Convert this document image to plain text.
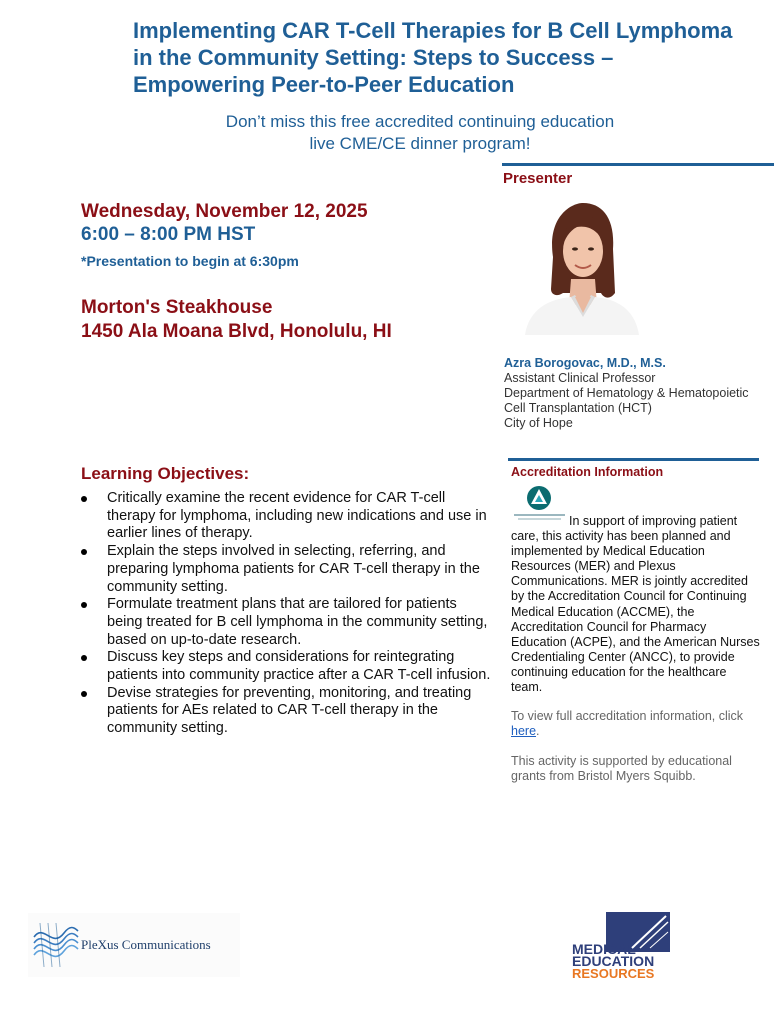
Implementing CAR T-Cell Therapies for B Cell Lymphoma in the Community Setting: Steps to Success – Empowering Peer-to-Peer Education
Don’t miss this free accredited continuing education
live CME/CE dinner program!
Presenter
Wednesday, November 12, 2025
6:00 – 8:00 PM HST
*Presentation to begin at 6:30pm
Morton's Steakhouse
1450 Ala Moana Blvd, Honolulu, HI
Azra Borogovac, M.D., M.S.
Assistant Clinical Professor
Department of Hematology & Hematopoietic
Cell Transplantation (HCT)
City of Hope
Learning Objectives:
Critically examine the recent evidence for CAR T-cell therapy for lymphoma, including new indications and use in earlier lines of therapy.
Explain the steps involved in selecting, referring, and preparing lymphoma patients for CAR T-cell therapy in the community setting.
Formulate treatment plans that are tailored for patients being treated for B cell lymphoma in the community setting, based on up-to-date research.
Discuss key steps and considerations for reintegrating patients into community practice after a CAR T-cell infusion.
Devise strategies for preventing, monitoring, and treating patients for AEs related to CAR T-cell therapy in the community setting.
Accreditation Information
In support of improving patient care, this activity has been planned and implemented by Medical Education Resources (MER) and Plexus Communications. MER is jointly accredited by the Accreditation Council for Continuing Medical Education (ACCME), the Accreditation Council for Pharmacy Education (ACPE), and the American Nurses Credentialing Center (ANCC), to provide continuing education for the healthcare team.
To view full accreditation information, click here.
This activity is supported by educational grants from Bristol Myers Squibb.
PleXus Communications	MEDICAL
EDUCATION
RESOURCES
